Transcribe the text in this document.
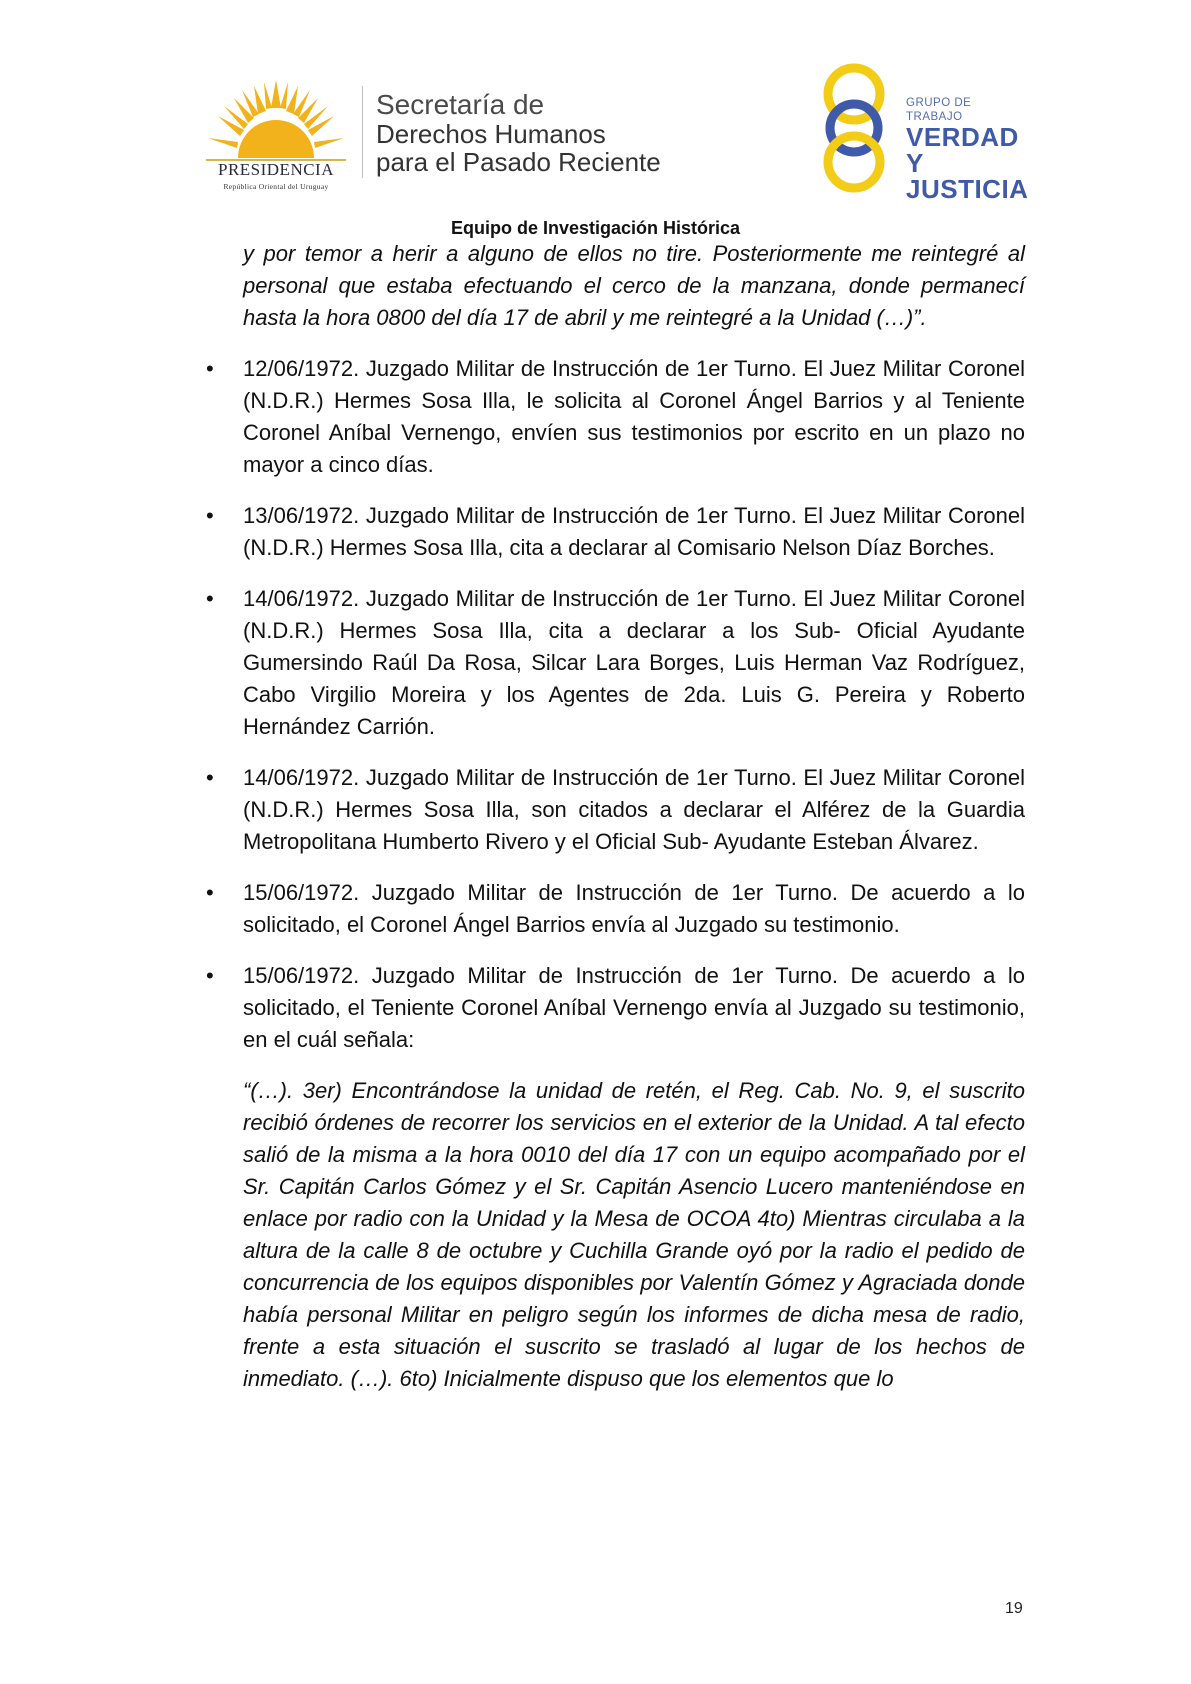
PRESIDENCIA
República Oriental del Uruguay
Secretaría de
Derechos Humanos
para el Pasado Reciente
GRUPO DE TRABAJO
VERDAD Y
JUSTICIA
Equipo de Investigación Histórica

y por temor a herir a alguno de ellos no tire. Posteriormente me reintegré al personal que estaba efectuando el cerco de la manzana, donde permanecí hasta la hora 0800 del día 17 de abril y me reintegré a la Unidad (…)”.

• 12/06/1972. Juzgado Militar de Instrucción de 1er Turno. El Juez Militar Coronel (N.D.R.) Hermes Sosa Illa, le solicita al Coronel Ángel Barrios y al Teniente Coronel Aníbal Vernengo, envíen sus testimonios por escrito en un plazo no mayor a cinco días.

• 13/06/1972. Juzgado Militar de Instrucción de 1er Turno. El Juez Militar Coronel (N.D.R.) Hermes Sosa Illa, cita a declarar al Comisario Nelson Díaz Borches.

• 14/06/1972. Juzgado Militar de Instrucción de 1er Turno. El Juez Militar Coronel (N.D.R.) Hermes Sosa Illa, cita a declarar a los Sub- Oficial Ayudante Gumersindo Raúl Da Rosa, Silcar Lara Borges, Luis Herman Vaz Rodríguez, Cabo Virgilio Moreira y los Agentes de 2da. Luis G. Pereira y Roberto Hernández Carrión.

• 14/06/1972. Juzgado Militar de Instrucción de 1er Turno. El Juez Militar Coronel (N.D.R.) Hermes Sosa Illa, son citados a declarar el Alférez de la Guardia Metropolitana Humberto Rivero y el Oficial Sub- Ayudante Esteban Álvarez.

• 15/06/1972. Juzgado Militar de Instrucción de 1er Turno. De acuerdo a lo solicitado, el Coronel Ángel Barrios envía al Juzgado su testimonio.

• 15/06/1972. Juzgado Militar de Instrucción de 1er Turno. De acuerdo a lo solicitado, el Teniente Coronel Aníbal Vernengo envía al Juzgado su testimonio, en el cuál señala:

“(…). 3er) Encontrándose la unidad de retén, el Reg. Cab. No. 9, el suscrito recibió órdenes de recorrer los servicios en el exterior de la Unidad. A tal efecto salió de la misma a la hora 0010 del día 17 con un equipo acompañado por el Sr. Capitán Carlos Gómez y el Sr. Capitán Asencio Lucero manteniéndose en enlace por radio con la Unidad y la Mesa de OCOA 4to) Mientras circulaba a la altura de la calle 8 de octubre y Cuchilla Grande oyó por la radio el pedido de concurrencia de los equipos disponibles por Valentín Gómez y Agraciada donde había personal Militar en peligro según los informes de dicha mesa de radio, frente a esta situación el suscrito se trasladó al lugar de los hechos de inmediato. (…). 6to) Inicialmente dispuso que los elementos que lo

19
